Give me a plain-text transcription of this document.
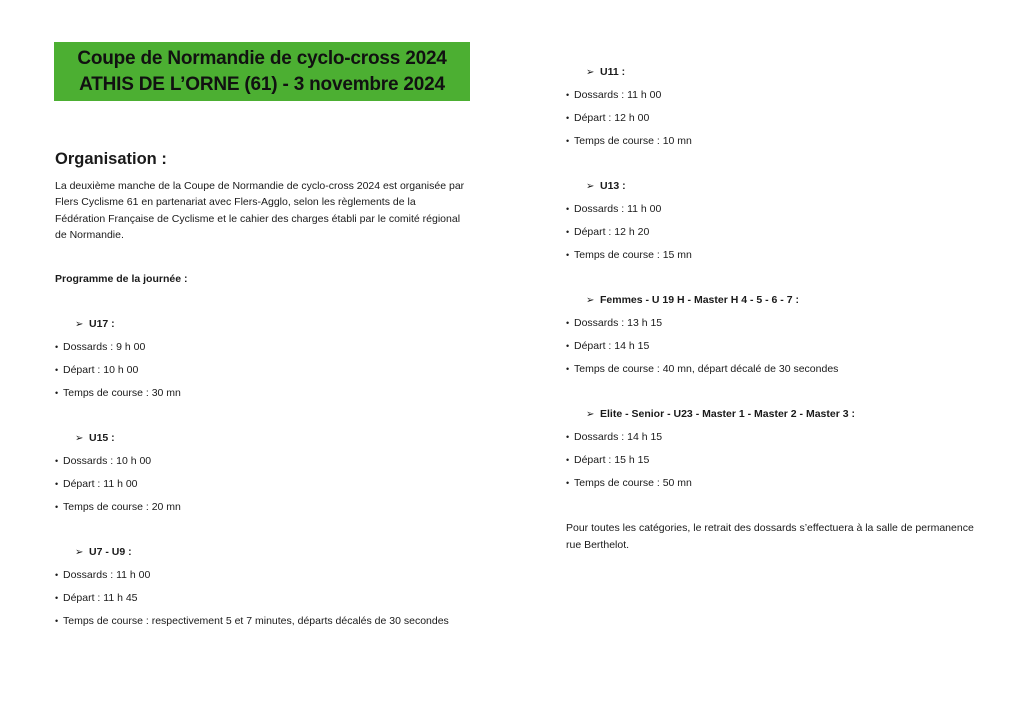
Coupe de Normandie de cyclo-cross 2024
ATHIS DE L’ORNE (61) - 3 novembre 2024
Organisation :
La deuxième manche de la Coupe de Normandie de cyclo-cross 2024 est organisée par Flers Cyclisme 61 en partenariat avec Flers-Agglo, selon les règlements de la Fédération Française de Cyclisme et le cahier des charges établi par le comité régional de Normandie.
Programme de la journée :
➢ U17 :
• Dossards : 9 h 00
• Départ : 10 h 00
• Temps de course : 30 mn
➢ U15 :
• Dossards : 10 h 00
• Départ : 11 h 00
• Temps de course : 20 mn
➢ U7 - U9 :
• Dossards : 11 h 00
• Départ : 11 h 45
• Temps de course : respectivement 5 et 7 minutes, départs décalés de 30 secondes
➢ U11 :
• Dossards : 11 h 00
• Départ : 12 h 00
• Temps de course : 10 mn
➢ U13 :
• Dossards : 11 h 00
• Départ : 12 h 20
• Temps de course : 15 mn
➢ Femmes - U 19 H - Master H 4 - 5 - 6 - 7 :
• Dossards : 13 h 15
• Départ : 14 h 15
• Temps de course : 40 mn, départ décalé de 30 secondes
➢ Elite - Senior - U23 - Master 1 - Master 2 - Master 3 :
• Dossards : 14 h 15
• Départ : 15 h 15
• Temps de course : 50 mn
Pour toutes les catégories, le retrait des dossards s’effectuera à la salle de permanence rue Berthelot.
